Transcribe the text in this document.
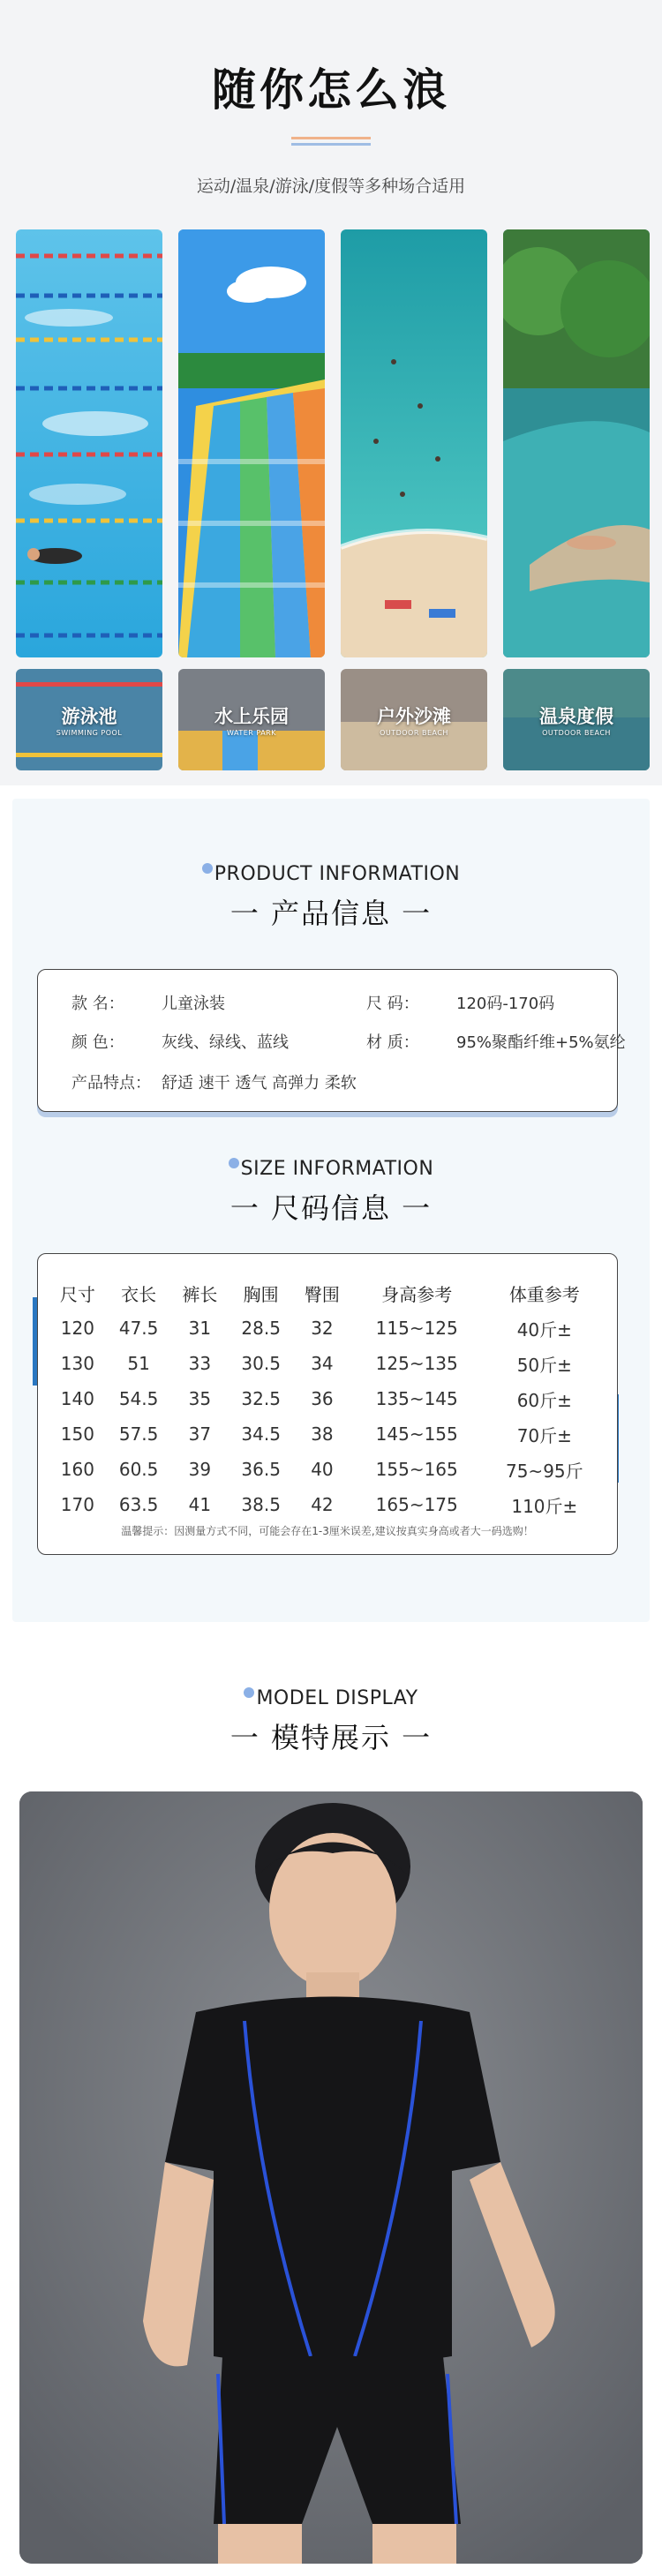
随你怎么浪
运动/温泉/游泳/度假等多种场合适用
游泳池
SWIMMING POOL
水上乐园
WATER PARK
户外沙滩
OUTDOOR BEACH
温泉度假
OUTDOOR BEACH
PRODUCT INFORMATION
一 产品信息 一
款 名： 儿童泳装	尺 码： 120码-170码
颜 色： 灰线、绿线、蓝线	材 质： 95%聚酯纤维+5%氨纶
产品特点： 舒适 速干 透气 高弹力 柔软
SIZE INFORMATION
一 尺码信息 一
尺寸	衣长	裤长	胸围	臀围	身高参考	体重参考
120	47.5	31	28.5	32	115~125	40斤±
130	51	33	30.5	34	125~135	50斤±
140	54.5	35	32.5	36	135~145	60斤±
150	57.5	37	34.5	38	145~155	70斤±
160	60.5	39	36.5	40	155~165	75~95斤
170	63.5	41	38.5	42	165~175	110斤±
温馨提示：因测量方式不同，可能会存在1-3厘米误差,建议按真实身高或者大一码选购！
MODEL DISPLAY
一 模特展示 一
